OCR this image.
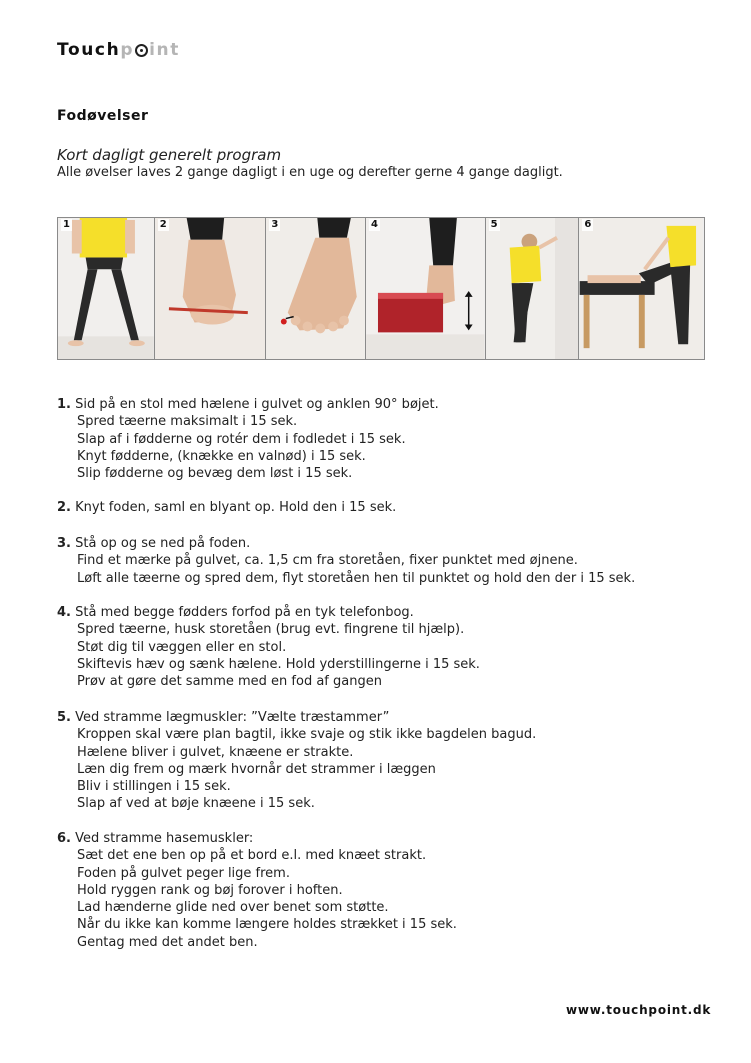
Touchp int
Fodøvelser
Kort dagligt generelt program
Alle øvelser laves 2 gange dagligt i en uge og derefter gerne 4 gange dagligt.
1	2	3	4	5	6
1. Sid på en stol med hælene i gulvet og anklen 90° bøjet.
Spred tæerne maksimalt i 15 sek.
Slap af i fødderne og rotér dem i fodledet i 15 sek.
Knyt fødderne, (knække en valnød) i 15 sek.
Slip fødderne og bevæg dem løst i 15 sek.
2. Knyt foden, saml en blyant op. Hold den i 15 sek.
3. Stå op og se ned på foden.
Find et mærke på gulvet, ca. 1,5 cm fra storetåen, fixer punktet med øjnene.
Løft alle tæerne og spred dem, flyt storetåen hen til punktet og hold den der i 15 sek.
4. Stå med begge fødders forfod på en tyk telefonbog.
Spred tæerne, husk storetåen (brug evt. fingrene til hjælp).
Støt dig til væggen eller en stol.
Skiftevis hæv og sænk hælene. Hold yderstillingerne i 15 sek.
Prøv at gøre det samme med en fod af gangen
5. Ved stramme lægmuskler: ”Vælte træstammer”
Kroppen skal være plan bagtil, ikke svaje og stik ikke bagdelen bagud.
Hælene bliver i gulvet, knæene er strakte.
Læn dig frem og mærk hvornår det strammer i læggen
Bliv i stillingen i 15 sek.
Slap af ved at bøje knæene i 15 sek.
6. Ved stramme hasemuskler:
Sæt det ene ben op på et bord e.l. med knæet strakt.
Foden på gulvet peger lige frem.
Hold ryggen rank og bøj forover i hoften.
Lad hænderne glide ned over benet som støtte.
Når du ikke kan komme længere holdes strækket i 15 sek.
Gentag med det andet ben.
www.touchpoint.dk
